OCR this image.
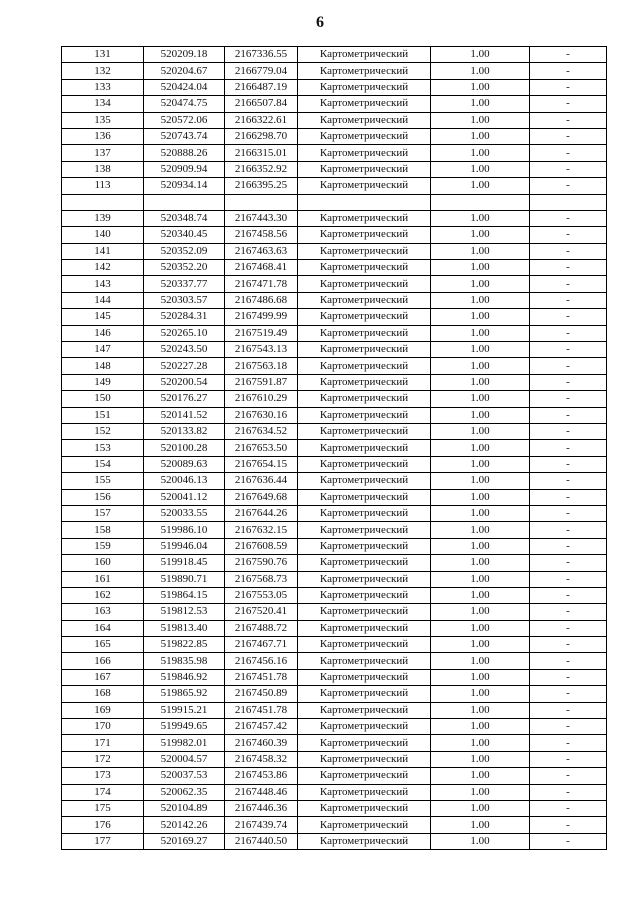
6
131	520209.18	2167336.55	Картометрический	1.00	-
132	520204.67	2166779.04	Картометрический	1.00	-
133	520424.04	2166487.19	Картометрический	1.00	-
134	520474.75	2166507.84	Картометрический	1.00	-
135	520572.06	2166322.61	Картометрический	1.00	-
136	520743.74	2166298.70	Картометрический	1.00	-
137	520888.26	2166315.01	Картометрический	1.00	-
138	520909.94	2166352.92	Картометрический	1.00	-
113	520934.14	2166395.25	Картометрический	1.00	-

139	520348.74	2167443.30	Картометрический	1.00	-
140	520340.45	2167458.56	Картометрический	1.00	-
141	520352.09	2167463.63	Картометрический	1.00	-
142	520352.20	2167468.41	Картометрический	1.00	-
143	520337.77	2167471.78	Картометрический	1.00	-
144	520303.57	2167486.68	Картометрический	1.00	-
145	520284.31	2167499.99	Картометрический	1.00	-
146	520265.10	2167519.49	Картометрический	1.00	-
147	520243.50	2167543.13	Картометрический	1.00	-
148	520227.28	2167563.18	Картометрический	1.00	-
149	520200.54	2167591.87	Картометрический	1.00	-
150	520176.27	2167610.29	Картометрический	1.00	-
151	520141.52	2167630.16	Картометрический	1.00	-
152	520133.82	2167634.52	Картометрический	1.00	-
153	520100.28	2167653.50	Картометрический	1.00	-
154	520089.63	2167654.15	Картометрический	1.00	-
155	520046.13	2167636.44	Картометрический	1.00	-
156	520041.12	2167649.68	Картометрический	1.00	-
157	520033.55	2167644.26	Картометрический	1.00	-
158	519986.10	2167632.15	Картометрический	1.00	-
159	519946.04	2167608.59	Картометрический	1.00	-
160	519918.45	2167590.76	Картометрический	1.00	-
161	519890.71	2167568.73	Картометрический	1.00	-
162	519864.15	2167553.05	Картометрический	1.00	-
163	519812.53	2167520.41	Картометрический	1.00	-
164	519813.40	2167488.72	Картометрический	1.00	-
165	519822.85	2167467.71	Картометрический	1.00	-
166	519835.98	2167456.16	Картометрический	1.00	-
167	519846.92	2167451.78	Картометрический	1.00	-
168	519865.92	2167450.89	Картометрический	1.00	-
169	519915.21	2167451.78	Картометрический	1.00	-
170	519949.65	2167457.42	Картометрический	1.00	-
171	519982.01	2167460.39	Картометрический	1.00	-
172	520004.57	2167458.32	Картометрический	1.00	-
173	520037.53	2167453.86	Картометрический	1.00	-
174	520062.35	2167448.46	Картометрический	1.00	-
175	520104.89	2167446.36	Картометрический	1.00	-
176	520142.26	2167439.74	Картометрический	1.00	-
177	520169.27	2167440.50	Картометрический	1.00	-
